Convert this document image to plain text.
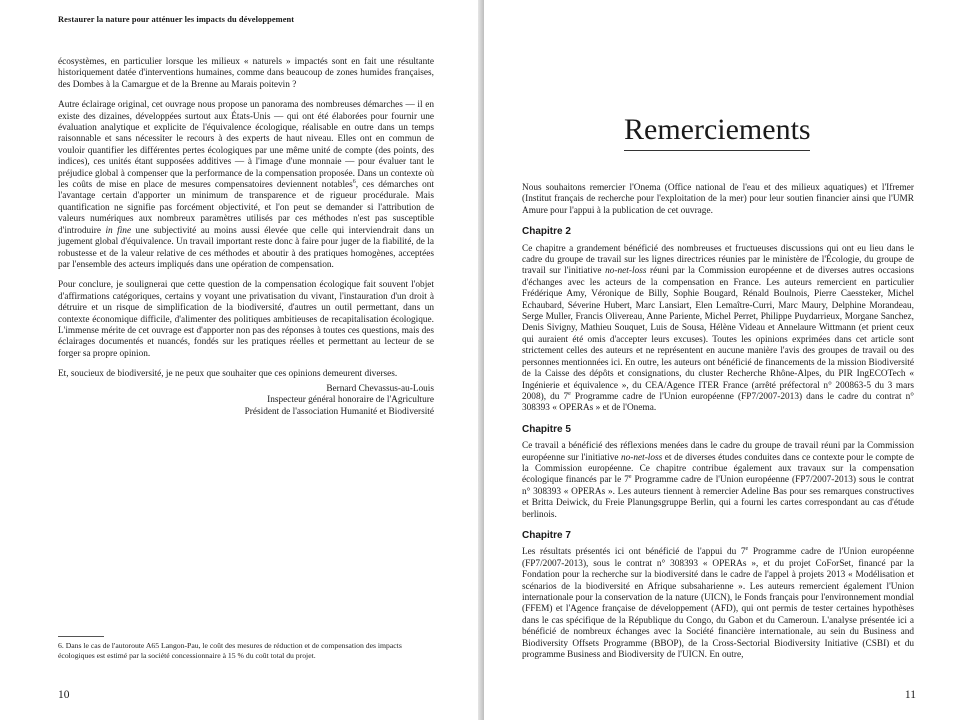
Restaurer la nature pour atténuer les impacts du développement

écosystèmes, en particulier lorsque les milieux « naturels » impactés sont en fait une résultante historiquement datée d'interventions humaines, comme dans beaucoup de zones humides françaises, des Dombes à la Camargue et de la Brenne au Marais poitevin ?

Autre éclairage original, cet ouvrage nous propose un panorama des nombreuses démarches — il en existe des dizaines, développées surtout aux États-Unis — qui ont été élaborées pour fournir une évaluation analytique et explicite de l'équivalence écologique, réalisable en outre dans un temps raisonnable et sans nécessiter le recours à des experts de haut niveau. Elles ont en commun de vouloir quantifier les différentes pertes écologiques par une même unité de compte (des points, des indices), ces unités étant supposées additives — à l'image d'une monnaie — pour évaluer tant le préjudice global à compenser que la performance de la compensation proposée. Dans un contexte où les coûts de mise en place de mesures compensatoires deviennent notables$^6$, ces démarches ont l'avantage certain d'apporter un minimum de transparence et de rigueur procédurale. Mais quantification ne signifie pas forcément objectivité, et l'on peut se demander si l'attribution de valeurs numériques aux nombreux paramètres utilisés par ces méthodes n'est pas susceptible d'introduire in fine une subjectivité au moins aussi élevée que celle qui interviendrait dans un jugement global d'équivalence. Un travail important reste donc à faire pour juger de la fiabilité, de la robustesse et de la valeur relative de ces méthodes et aboutir à des pratiques homogènes, acceptées par l'ensemble des acteurs impliqués dans une opération de compensation.

Pour conclure, je soulignerai que cette question de la compensation écologique fait souvent l'objet d'affirmations catégoriques, certains y voyant une privatisation du vivant, l'instauration d'un droit à détruire et un risque de simplification de la biodiversité, d'autres un outil permettant, dans un contexte économique difficile, d'alimenter des politiques ambitieuses de recapitalisation écologique. L'immense mérite de cet ouvrage est d'apporter non pas des réponses à toutes ces questions, mais des éclairages documentés et nuancés, fondés sur les pratiques réelles et permettant au lecteur de se forger sa propre opinion.

Et, soucieux de biodiversité, je ne peux que souhaiter que ces opinions demeurent diverses.

Bernard Chevassus-au-Louis
Inspecteur général honoraire de l'Agriculture
Président de l'association Humanité et Biodiversité
6. Dans le cas de l'autoroute A65 Langon-Pau, le coût des mesures de réduction et de compensation des impacts écologiques est estimé par la société concessionnaire à 15 % du coût total du projet.
10
Remerciements

Nous souhaitons remercier l'Onema (Office national de l'eau et des milieux aquatiques) et l'Ifremer (Institut français de recherche pour l'exploitation de la mer) pour leur soutien financier ainsi que l'UMR Amure pour l'appui à la publication de cet ouvrage.

Chapitre 2

Ce chapitre a grandement bénéficié des nombreuses et fructueuses discussions qui ont eu lieu dans le cadre du groupe de travail sur les lignes directrices réunies par le ministère de l'Écologie, du groupe de travail sur l'initiative no-net-loss réuni par la Commission européenne et de diverses autres occasions d'échanges avec les acteurs de la compensation en France. Les auteurs remercient en particulier Frédérique Amy, Véronique de Billy, Sophie Bougard, Rénald Boulnois, Pierre Caessteker, Michel Echaubard, Séverine Hubert, Marc Lansiart, Elen Lemaître-Curri, Marc Maury, Delphine Morandeau, Serge Muller, Francis Olivereau, Anne Pariente, Michel Perret, Philippe Puydarrieux, Morgane Sanchez, Denis Sivigny, Mathieu Souquet, Luis de Sousa, Hélène Videau et Annelaure Wittmann (et prient ceux qui auraient été omis d'accepter leurs excuses). Toutes les opinions exprimées dans cet article sont strictement celles des auteurs et ne représentent en aucune manière l'avis des groupes de travail ou des personnes mentionnées ici. En outre, les auteurs ont bénéficié de financements de la mission Biodiversité de la Caisse des dépôts et consignations, du cluster Recherche Rhône-Alpes, du PIR IngECOTech « Ingénierie et équivalence », du CEA/Agence ITER France (arrêté préfectoral n° 200863-5 du 3 mars 2008), du 7e Programme cadre de l'Union européenne (FP7/2007-2013) dans le cadre du contrat n° 308393 « OPERAs » et de l'Onema.

Chapitre 5

Ce travail a bénéficié des réflexions menées dans le cadre du groupe de travail réuni par la Commission européenne sur l'initiative no-net-loss et de diverses études conduites dans ce contexte pour le compte de la Commission européenne. Ce chapitre contribue également aux travaux sur la compensation écologique financés par le 7e Programme cadre de l'Union européenne (FP7/2007-2013) sous le contrat n° 308393 « OPERAs ». Les auteurs tiennent à remercier Adeline Bas pour ses remarques constructives et Britta Deiwick, du Freie Planungsgruppe Berlin, qui a fourni les cartes correspondant au cas d'étude berlinois.

Chapitre 7

Les résultats présentés ici ont bénéficié de l'appui du 7e Programme cadre de l'Union européenne (FP7/2007-2013), sous le contrat n° 308393 « OPERAs », et du projet CoForSet, financé par la Fondation pour la recherche sur la biodiversité dans le cadre de l'appel à projets 2013 « Modélisation et scénarios de la biodiversité en Afrique subsaharienne ». Les auteurs remercient également l'Union internationale pour la conservation de la nature (UICN), le Fonds français pour l'environnement mondial (FFEM) et l'Agence française de développement (AFD), qui ont permis de tester certaines hypothèses dans le cas spécifique de la République du Congo, du Gabon et du Cameroun. L'analyse présentée ici a bénéficié de nombreux échanges avec la Société financière internationale, au sein du Business and Biodiversity Offsets Programme (BBOP), de la Cross-Sectorial Biodiversity Initiative (CSBI) et du programme Business and Biodiversity de l'UICN. En outre,

11
